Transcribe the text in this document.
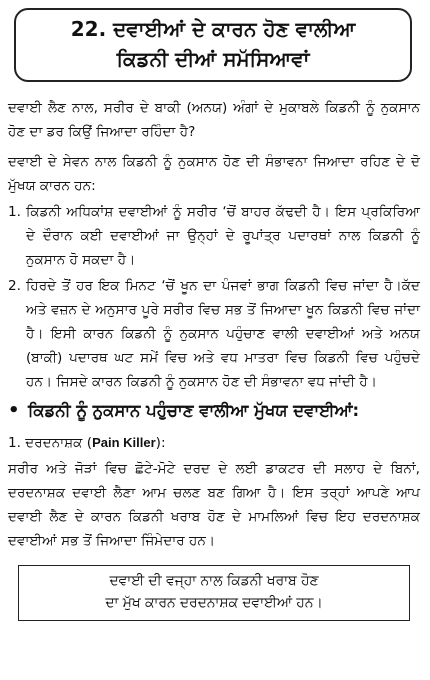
22. ਦਵਾਈਆਂ ਦੇ ਕਾਰਨ ਹੋਣ ਵਾਲੀਆ
ਕਿਡਨੀ ਦੀਆਂ ਸਮੱਸਿਆਵਾਂ

ਦਵਾਈ ਲੈਣ ਨਾਲ, ਸਰੀਰ ਦੇ ਬਾਕੀ (ਅਨਯ) ਅੰਗਾਂ ਦੇ ਮੁਕਾਬਲੇ ਕਿਡਨੀ ਨੂੰ ਨੁਕਸਾਨ ਹੋਣ ਦਾ ਡਰ ਕਿਉਂ ਜਿਆਦਾ ਰਹਿੰਦਾ ਹੈ?

ਦਵਾਈ ਦੇ ਸੇਵਨ ਨਾਲ ਕਿਡਨੀ ਨੂੰ ਨੁਕਸਾਨ ਹੋਣ ਦੀ ਸੰਭਾਵਨਾ ਜਿਆਦਾ ਰਹਿਣ ਦੇ ਦੋ ਮੁੱਖਯ ਕਾਰਨ ਹਨ:

1. ਕਿਡਨੀ ਅਧਿਕਾਂਸ਼ ਦਵਾਈਆਂ ਨੂੰ ਸਰੀਰ ‘ਚੋਂ ਬਾਹਰ ਕੱਢਦੀ ਹੈ। ਇਸ ਪ੍ਰਕਿਰਿਆ ਦੇ ਦੌਰਾਨ ਕਈ ਦਵਾਈਆਂ ਜਾ ਉਨ੍ਹਾਂ ਦੇ ਰੂਪਾਂਤ੍ਰ ਪਦਾਰਥਾਂ ਨਾਲ ਕਿਡਨੀ ਨੂੰ ਨੁਕਸਾਨ ਹੋ ਸਕਦਾ ਹੈ।
2. ਹਿਰਦੇ ਤੋਂ ਹਰ ਇਕ ਮਿਨਟ ‘ਚੋਂ ਖੂਨ ਦਾ ਪੰਜਵਾਂ ਭਾਗ ਕਿਡਨੀ ਵਿਚ ਜਾਂਦਾ ਹੈ।ਕੱਦ ਅਤੇ ਵਜ਼ਨ ਦੇ ਅਨੁਸਾਰ ਪੂਰੇ ਸਰੀਰ ਵਿਚ ਸਭ ਤੋਂ ਜਿਆਦਾ ਖੂਨ ਕਿਡਨੀ ਵਿਚ ਜਾਂਦਾ ਹੈ। ਇਸੀ ਕਾਰਨ ਕਿਡਨੀ ਨੂੰ ਨੁਕਸਾਨ ਪਹੁੰਚਾਣ ਵਾਲੀ ਦਵਾਈਆਂ ਅਤੇ ਅਨਯ (ਬਾਕੀ) ਪਦਾਰਥ ਘਟ ਸਮੇਂ ਵਿਚ ਅਤੇ ਵਧ ਮਾਤਰਾ ਵਿਚ ਕਿਡਨੀ ਵਿਚ ਪਹੁੰਚਦੇ ਹਨ। ਜਿਸਦੇ ਕਾਰਨ ਕਿਡਨੀ ਨੂੰ ਨੁਕਸਾਨ ਹੋਣ ਦੀ ਸੰਭਾਵਨਾ ਵਧ ਜਾਂਦੀ ਹੈ।
• ਕਿਡਨੀ ਨੂੰ ਨੁਕਸਾਨ ਪਹੁੰਚਾਣ ਵਾਲੀਆ ਮੁੱਖਯ ਦਵਾਈਆਂ:

1. ਦਰਦਨਾਸ਼ਕ (Pain Killer):

ਸਰੀਰ ਅਤੇ ਜੋੜਾਂ ਵਿਚ ਛੋਟੇ-ਮੋਟੇ ਦਰਦ ਦੇ ਲਈ ਡਾਕਟਰ ਦੀ ਸਲਾਹ ਦੇ ਬਿਨਾਂ, ਦਰਦਨਾਸ਼ਕ ਦਵਾਈ ਲੈਣਾ ਆਮ ਚਲਣ ਬਣ ਗਿਆ ਹੈ। ਇਸ ਤਰ੍ਹਾਂ ਆਪਣੇ ਆਪ ਦਵਾਈ ਲੈਣ ਦੇ ਕਾਰਨ ਕਿਡਨੀ ਖਰਾਬ ਹੋਣ ਦੇ ਮਾਮਲਿਆਂ ਵਿਚ ਇਹ ਦਰਦਨਾਸ਼ਕ ਦਵਾਈਆਂ ਸਭ ਤੋਂ ਜਿਆਦਾ ਜਿੰਮੇਦਾਰ ਹਨ।

ਦਵਾਈ ਦੀ ਵਜ੍ਹਾ ਨਾਲ ਕਿਡਨੀ ਖਰਾਬ ਹੋਣ
ਦਾ ਮੁੱਖ ਕਾਰਨ ਦਰਦਨਾਸ਼ਕ ਦਵਾਈਆਂ ਹਨ।
